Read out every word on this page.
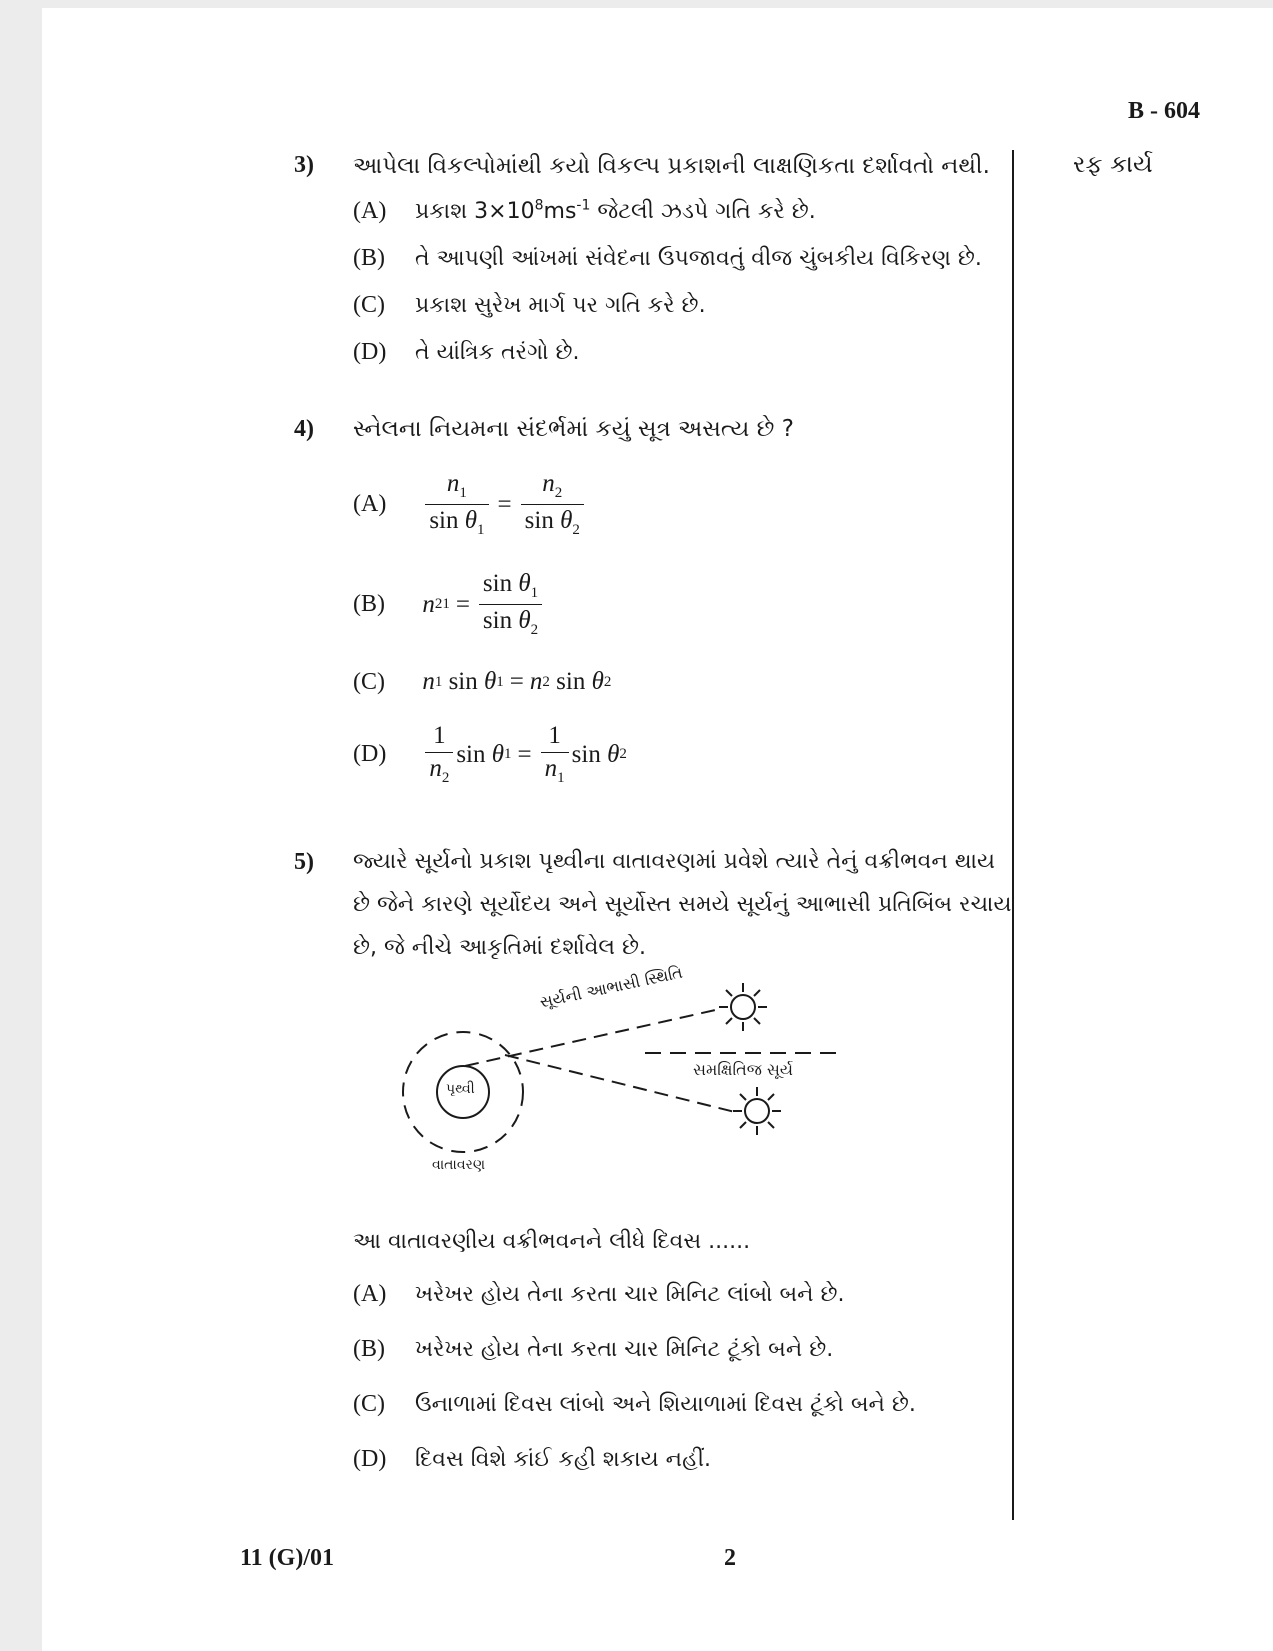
B - 604
રફ કાર્ય
3) આપેલા વિકલ્પોમાંથી કયો વિકલ્પ પ્રકાશની લાક્ષણિકતા દર્શાવતો નથી.
(A) પ્રકાશ $3\times 10^8ms^{-1}$ જેટલી ઝડપે ગતિ કરે છે.
(B) તે આપણી આંખમાં સંવેદના ઉપજાવતું વીજ ચુંબકીય વિકિરણ છે.
(C) પ્રકાશ સુરેખ માર્ગ પર ગતિ કરે છે.
(D) તે યાંત્રિક તરંગો છે.
4) સ્નેલના નિયમના સંદર્ભમાં કયું સૂત્ર અસત્ય છે ?
$(A) \frac{n_1}{\sin \theta_1} = \frac{n_2}{\sin \theta_2}$
(B) n $21 = \frac{\sin \theta_1}{\sin \theta_2}$
(C) n 1
sin
θ 1 = n 2
sin
θ 2
$(D) \frac{1}{n_2}$ sin
θ $1 = \frac{1}{n_1}$ sin
θ 2
5) જ્યારે સૂર્યનો પ્રકાશ પૃથ્વીના વાતાવરણમાં પ્રવેશે ત્યારે તેનું વક્રીભવન થાય
છે જેને કારણે સૂર્યોદય અને સૂર્યોસ્ત સમયે સૂર્યનું આભાસી પ્રતિબિંબ રચાય
છે, જે નીચે આકૃતિમાં દર્શાવેલ છે.
સૂર્યની આભાસી સ્થિતિ
સમક્ષિતિજ સૂર્ય
પૃથ્વી
વાતાવરણ
આ વાતાવરણીય વક્રીભવનને લીધે દિવસ ......
(A) ખરેખર હોય તેના કરતા ચાર મિનિટ લાંબો બને છે.
(B) ખરેખર હોય તેના કરતા ચાર મિનિટ ટૂંકો બને છે.
(C) ઉનાળામાં દિવસ લાંબો અને શિયાળામાં દિવસ ટૂંકો બને છે.
(D) દિવસ વિશે કાંઈ કહી શકાય નહીં.
11 (G)/01	2
